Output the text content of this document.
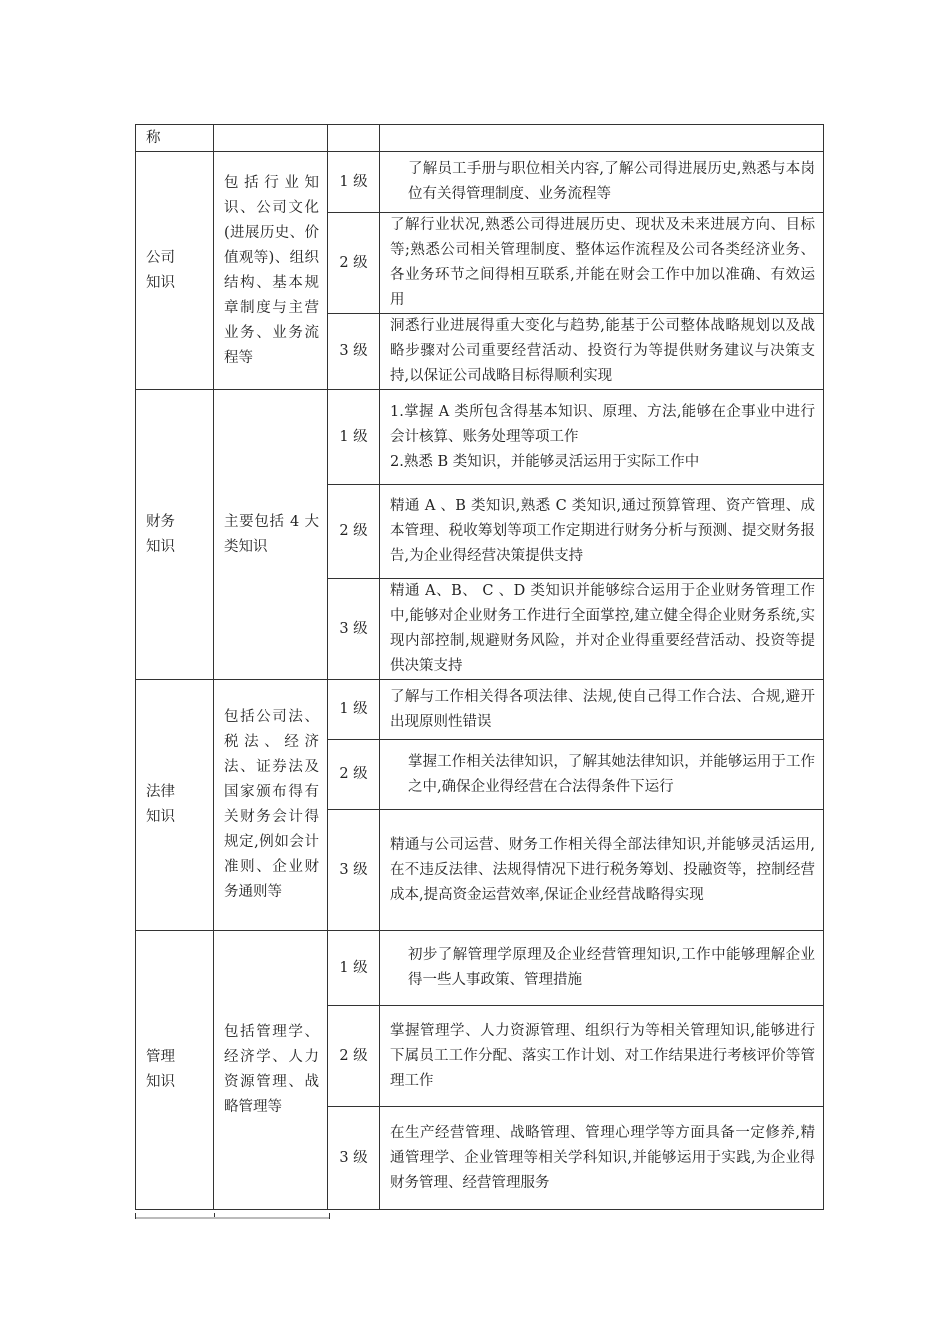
称			

公司
知识	包括行业知识、公司文化(进展历史、价值观等)、组织结构、基本规章制度与主营业务、业务流程等	1 级	了解员工手册与职位相关内容,了解公司得进展历史,熟悉与本岗位有关得管理制度、业务流程等
		2 级	了解行业状况,熟悉公司得进展历史、现状及未来进展方向、目标等;熟悉公司相关管理制度、整体运作流程及公司各类经济业务、各业务环节之间得相互联系,并能在财会工作中加以准确、有效运用
		3 级	洞悉行业进展得重大变化与趋势,能基于公司整体战略规划以及战略步骤对公司重要经营活动、投资行为等提供财务建议与决策支持,以保证公司战略目标得顺利实现

财务
知识	主要包括 4 大类知识	1 级	1.掌握 A 类所包含得基本知识、原理、方法,能够在企事业中进行会计核算、账务处理等项工作
2.熟悉 B 类知识，并能够灵活运用于实际工作中

		2 级	精通 A 、B 类知识,熟悉 C 类知识,通过预算管理、资产管理、成本管理、税收筹划等项工作定期进行财务分析与预测、提交财务报告,为企业得经营决策提供支持
		3 级	精通 A、B、 C 、D 类知识并能够综合运用于企业财务管理工作中,能够对企业财务工作进行全面掌控,建立健全得企业财务系统,实现内部控制,规避财务风险，并对企业得重要经营活动、投资等提供决策支持

法律
知识	包括公司法、税法、经济法、证券法及国家颁布得有关财务会计得规定,例如会计准则、企业财务通则等	1 级	了解与工作相关得各项法律、法规,使自己得工作合法、合规,避开出现原则性错误
		2 级	掌握工作相关法律知识，了解其她法律知识，并能够运用于工作之中,确保企业得经营在合法得条件下运行
		3 级	精通与公司运营、财务工作相关得全部法律知识,并能够灵活运用,在不违反法律、法规得情况下进行税务筹划、投融资等，控制经营成本,提高资金运营效率,保证企业经营战略得实现

管理
知识	包括管理学、经济学、人力资源管理、战略管理等	1 级	初步了解管理学原理及企业经营管理知识,工作中能够理解企业得一些人事政策、管理措施
		2 级	掌握管理学、人力资源管理、组织行为等相关管理知识,能够进行下属员工工作分配、落实工作计划、对工作结果进行考核评价等管理工作
		3 级	在生产经营管理、战略管理、管理心理学等方面具备一定修养,精通管理学、企业管理等相关学科知识,并能够运用于实践,为企业得财务管理、经营管理服务
